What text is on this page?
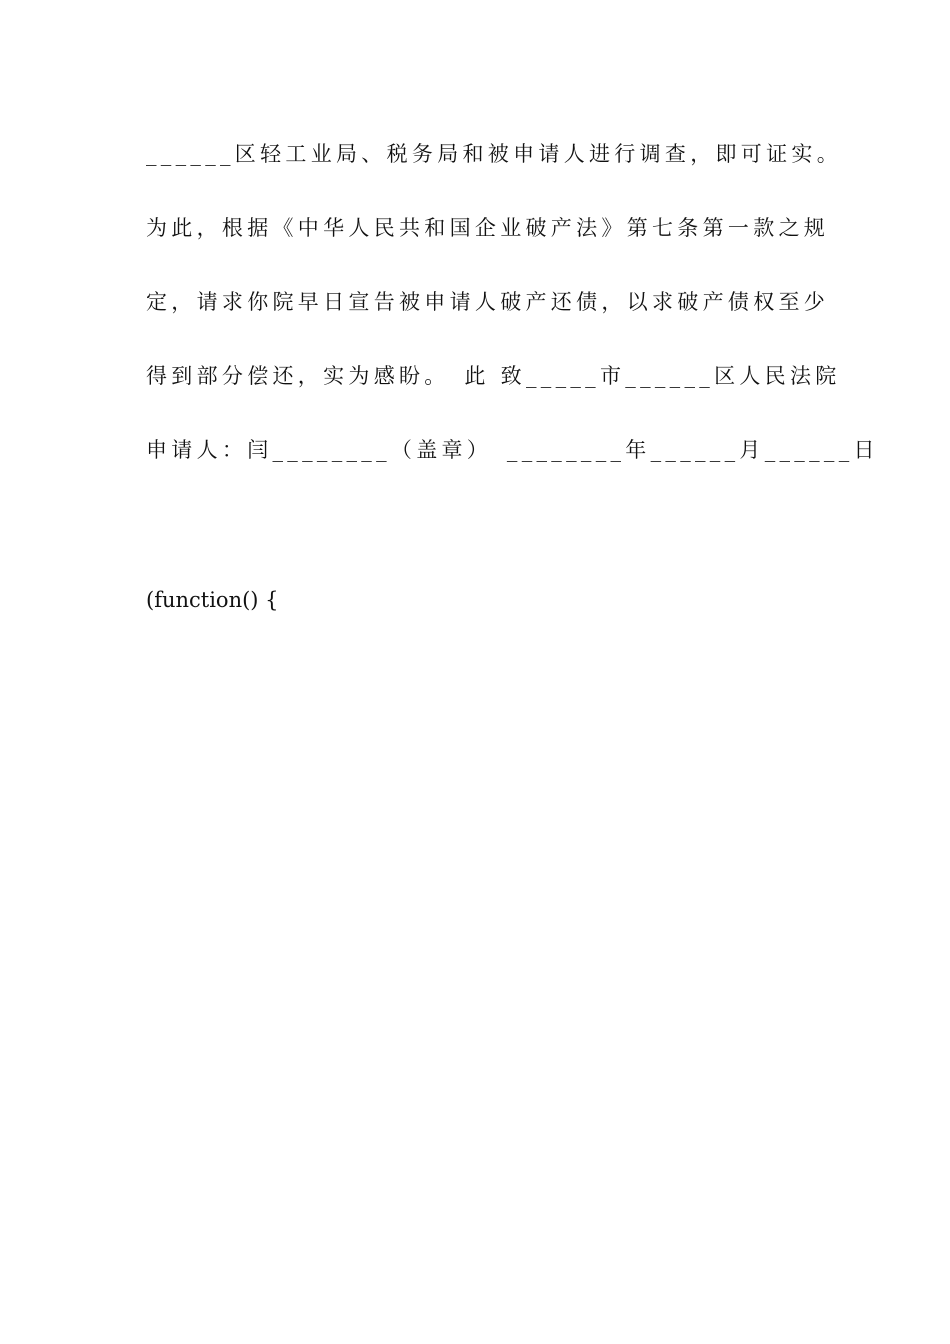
______区轻工业局、税务局和被申请人进行调查，即可证实。
为此，根据《中华人民共和国企业破产法》第七条第一款之规
定，请求你院早日宣告被申请人破产还债，以求破产债权至少
得到部分偿还，实为感盼。　此 致_____市______区人民法院
申请人：闫________（盖章）　________年______月______日
(function() {
